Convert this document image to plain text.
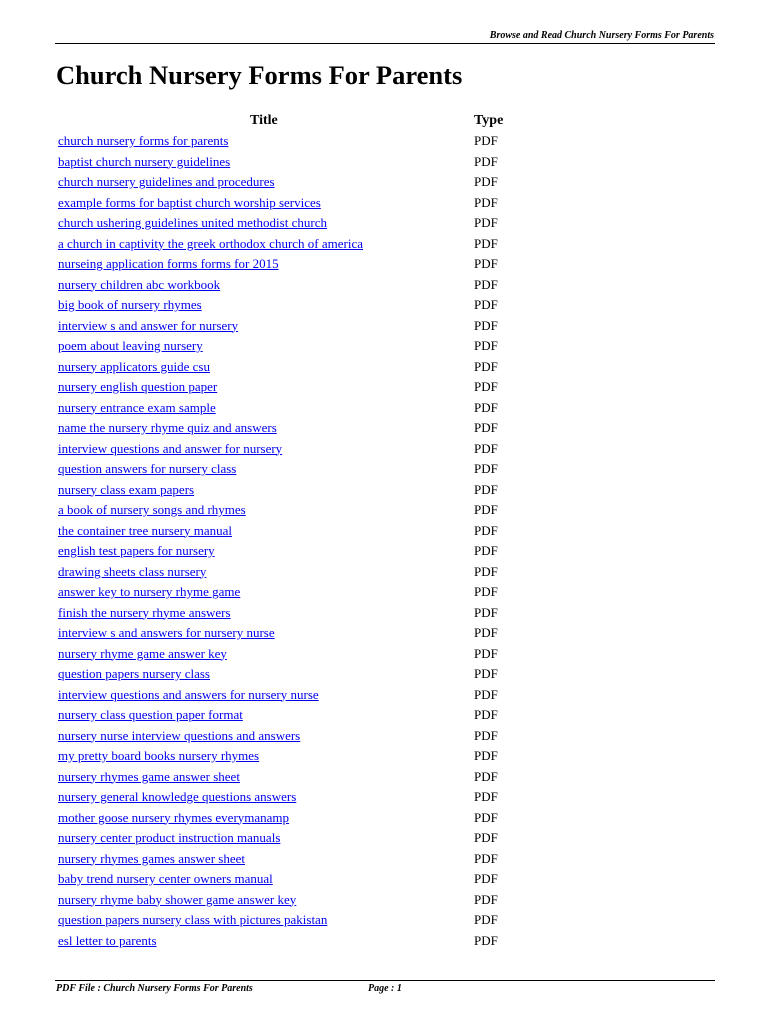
Browse and Read Church Nursery Forms For Parents
Church Nursery Forms For Parents
Title	Type
church nursery forms for parents	PDF
baptist church nursery guidelines	PDF
church nursery guidelines and procedures	PDF
example forms for baptist church worship services	PDF
church ushering guidelines united methodist church	PDF
a church in captivity the greek orthodox church of america	PDF
nurseing application forms forms for 2015	PDF
nursery children abc workbook	PDF
big book of nursery rhymes	PDF
interview s and answer for nursery	PDF
poem about leaving nursery	PDF
nursery applicators guide csu	PDF
nursery english question paper	PDF
nursery entrance exam sample	PDF
name the nursery rhyme quiz and answers	PDF
interview questions and answer for nursery	PDF
question answers for nursery class	PDF
nursery class exam papers	PDF
a book of nursery songs and rhymes	PDF
the container tree nursery manual	PDF
english test papers for nursery	PDF
drawing sheets class nursery	PDF
answer key to nursery rhyme game	PDF
finish the nursery rhyme answers	PDF
interview s and answers for nursery nurse	PDF
nursery rhyme game answer key	PDF
question papers nursery class	PDF
interview questions and answers for nursery nurse	PDF
nursery class question paper format	PDF
nursery nurse interview questions and answers	PDF
my pretty board books nursery rhymes	PDF
nursery rhymes game answer sheet	PDF
nursery general knowledge questions answers	PDF
mother goose nursery rhymes everymanamp	PDF
nursery center product instruction manuals	PDF
nursery rhymes games answer sheet	PDF
baby trend nursery center owners manual	PDF
nursery rhyme baby shower game answer key	PDF
question papers nursery class with pictures pakistan	PDF
esl letter to parents	PDF
PDF File : Church Nursery Forms For Parents	Page : 1
